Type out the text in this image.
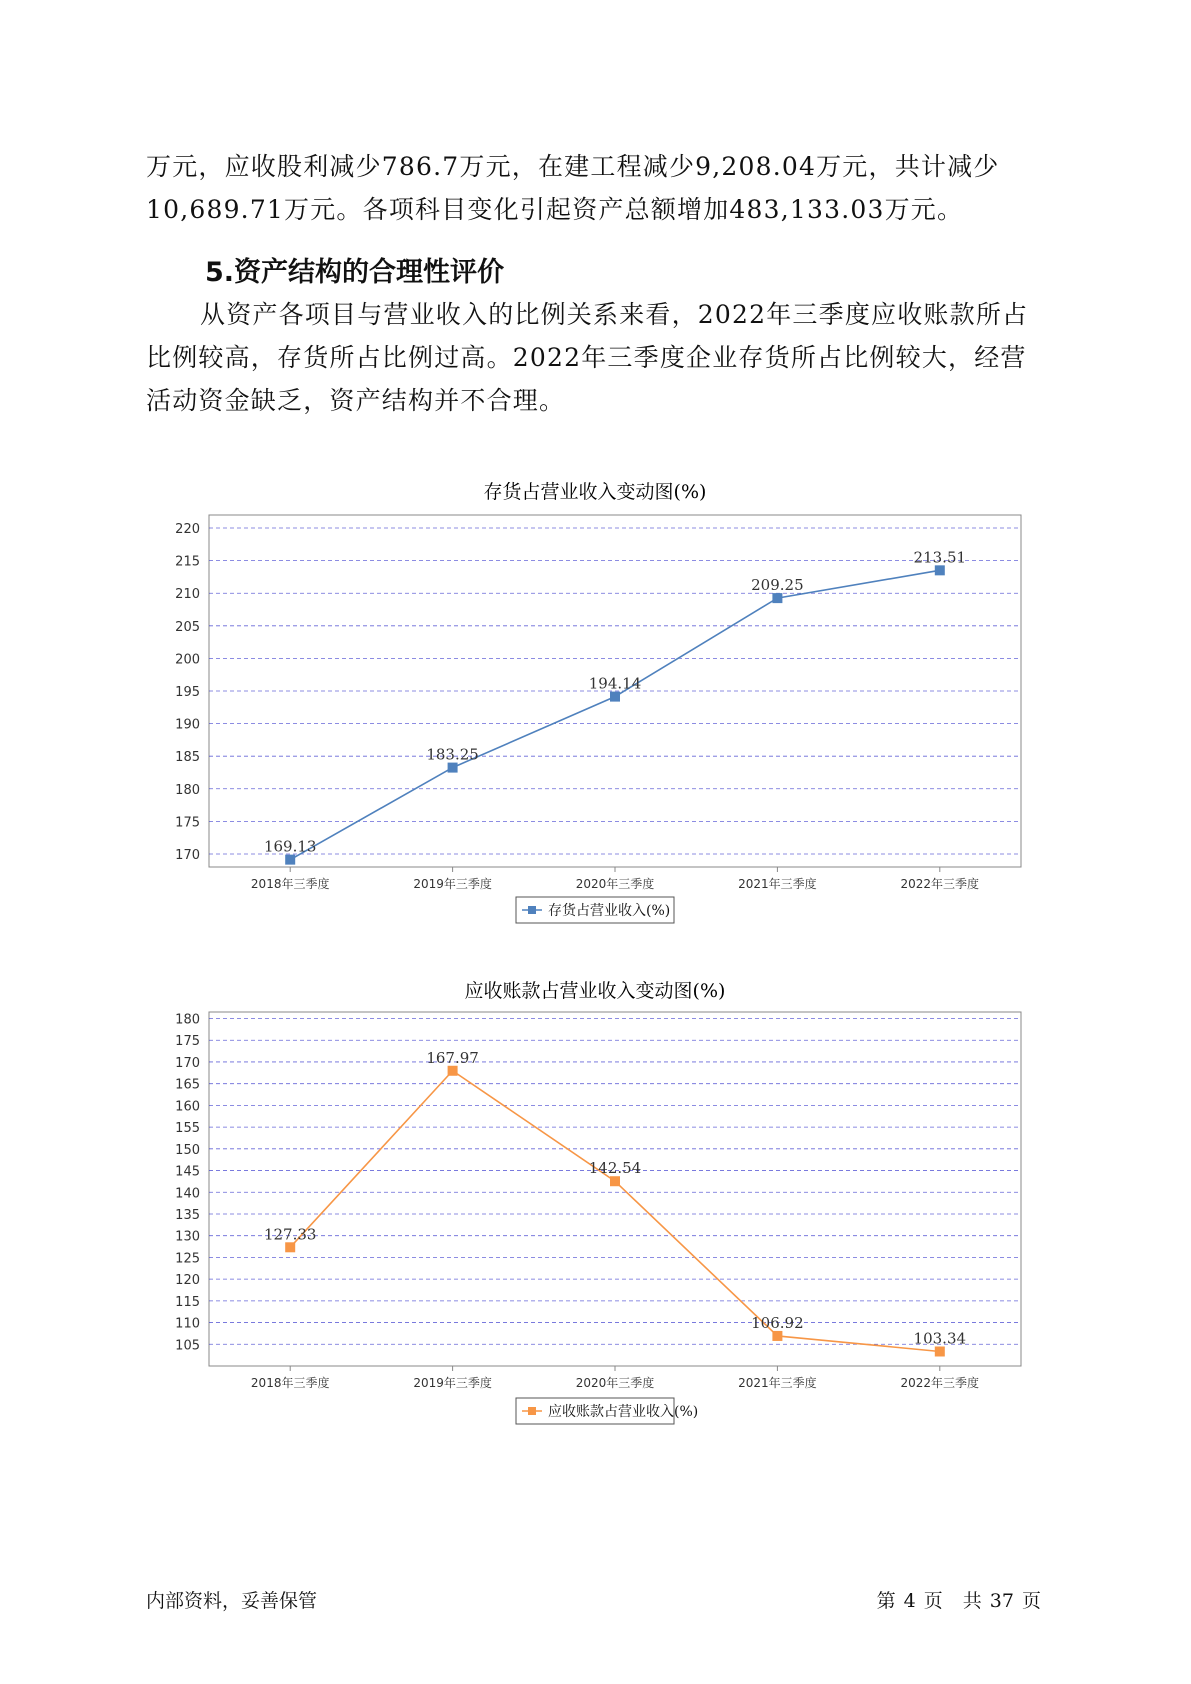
万元，应收股利减少786.7万元，在建工程减少9,208.04万元，共计减少10,689.71万元。各项科目变化引起资产总额增加483,133.03万元。

5.资产结构的合理性评价

从资产各项目与营业收入的比例关系来看，2022年三季度应收账款所占比例较高，存货所占比例过高。2022年三季度企业存货所占比例较大，经营活动资金缺乏，资产结构并不合理。

存货占营业收入变动图(%)
170
175
180
185
190
195
200
205
210
215
220
2018年三季度	2019年三季度	2020年三季度	2021年三季度	2022年三季度
169.13
183.25
194.14
209.25
213.51
存货占营业收入(%)
应收账款占营业收入变动图(%)
105
110
115
120
125
130
135
140
145
150
155
160
165
170
175
180
2018年三季度	2019年三季度	2020年三季度	2021年三季度	2022年三季度
127.33
167.97
142.54
106.92
103.34
应收账款占营业收入(%)
内部资料，妥善保管	第 4 页 共 37 页
